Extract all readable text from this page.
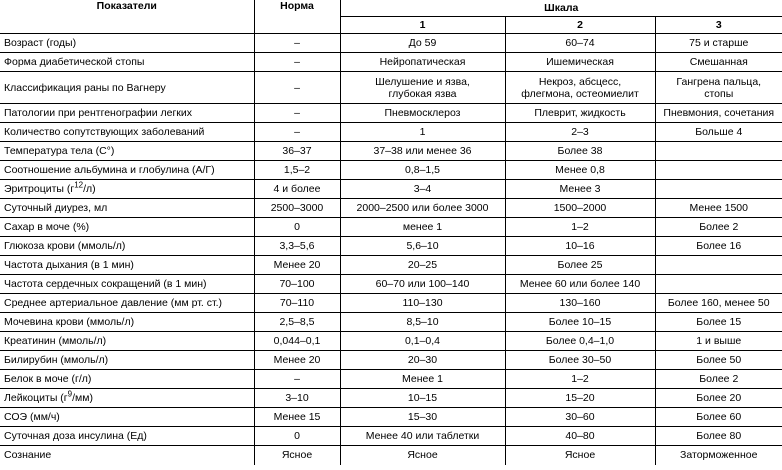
Показатели	Норма	Шкала		
		1	2	3
Возраст (годы)	–	До 59	60–74	75 и старше
Форма диабетической стопы	–	Нейропатическая	Ишемическая	Смешанная
Классификация раны по Вагнеру	–	Шелушение и язва, глубокая язва	Некроз, абсцесс, флегмона, остеомиелит	Гангрена пальца, стопы
Патологии при рентгенографии легких	–	Пневмосклероз	Плеврит, жидкость	Пневмония, сочетания
Количество сопутствующих заболеваний	–	1	2–3	Больше 4
Температура тела (С°)	36–37	37–38 или менее 36	Более 38	
Соотношение альбумина и глобулина (А/Г)	1,5–2	0,8–1,5	Менее 0,8	
Эритроциты $(г^{12}/л)$	4 и более	3–4	Менее 3	
Суточный диурез, мл	2500–3000	2000–2500 или более 3000	1500–2000	Менее 1500
Сахар в моче (%)	0	менее 1	1–2	Более 2
Глюкоза крови (ммоль/л)	3,3–5,6	5,6–10	10–16	Более 16
Частота дыхания (в 1 мин)	Менее 20	20–25	Более 25	
Частота сердечных сокращений (в 1 мин)	70–100	60–70 или 100–140	Менее 60 или более 140	
Среднее артериальное давление (мм рт. ст.)	70–110	110–130	130–160	Более 160, менее 50
Мочевина крови (ммоль/л)	2,5–8,5	8,5–10	Более 10–15	Более 15
Креатинин (ммоль/л)	0,044–0,1	0,1–0,4	Более 0,4–1,0	1 и выше
Билирубин (ммоль/л)	Менее 20	20–30	Более 30–50	Более 50
Белок в моче (г/л)	–	Менее 1	1–2	Более 2
Лейкоциты $(г^9/мм)$	3–10	10–15	15–20	Более 20
СОЭ (мм/ч)	Менее 15	15–30	30–60	Более 60
Суточная доза инсулина (Ед)	0	Менее 40 или таблетки	40–80	Более 80
Сознание	Ясное	Ясное	Ясное	Заторможенное
